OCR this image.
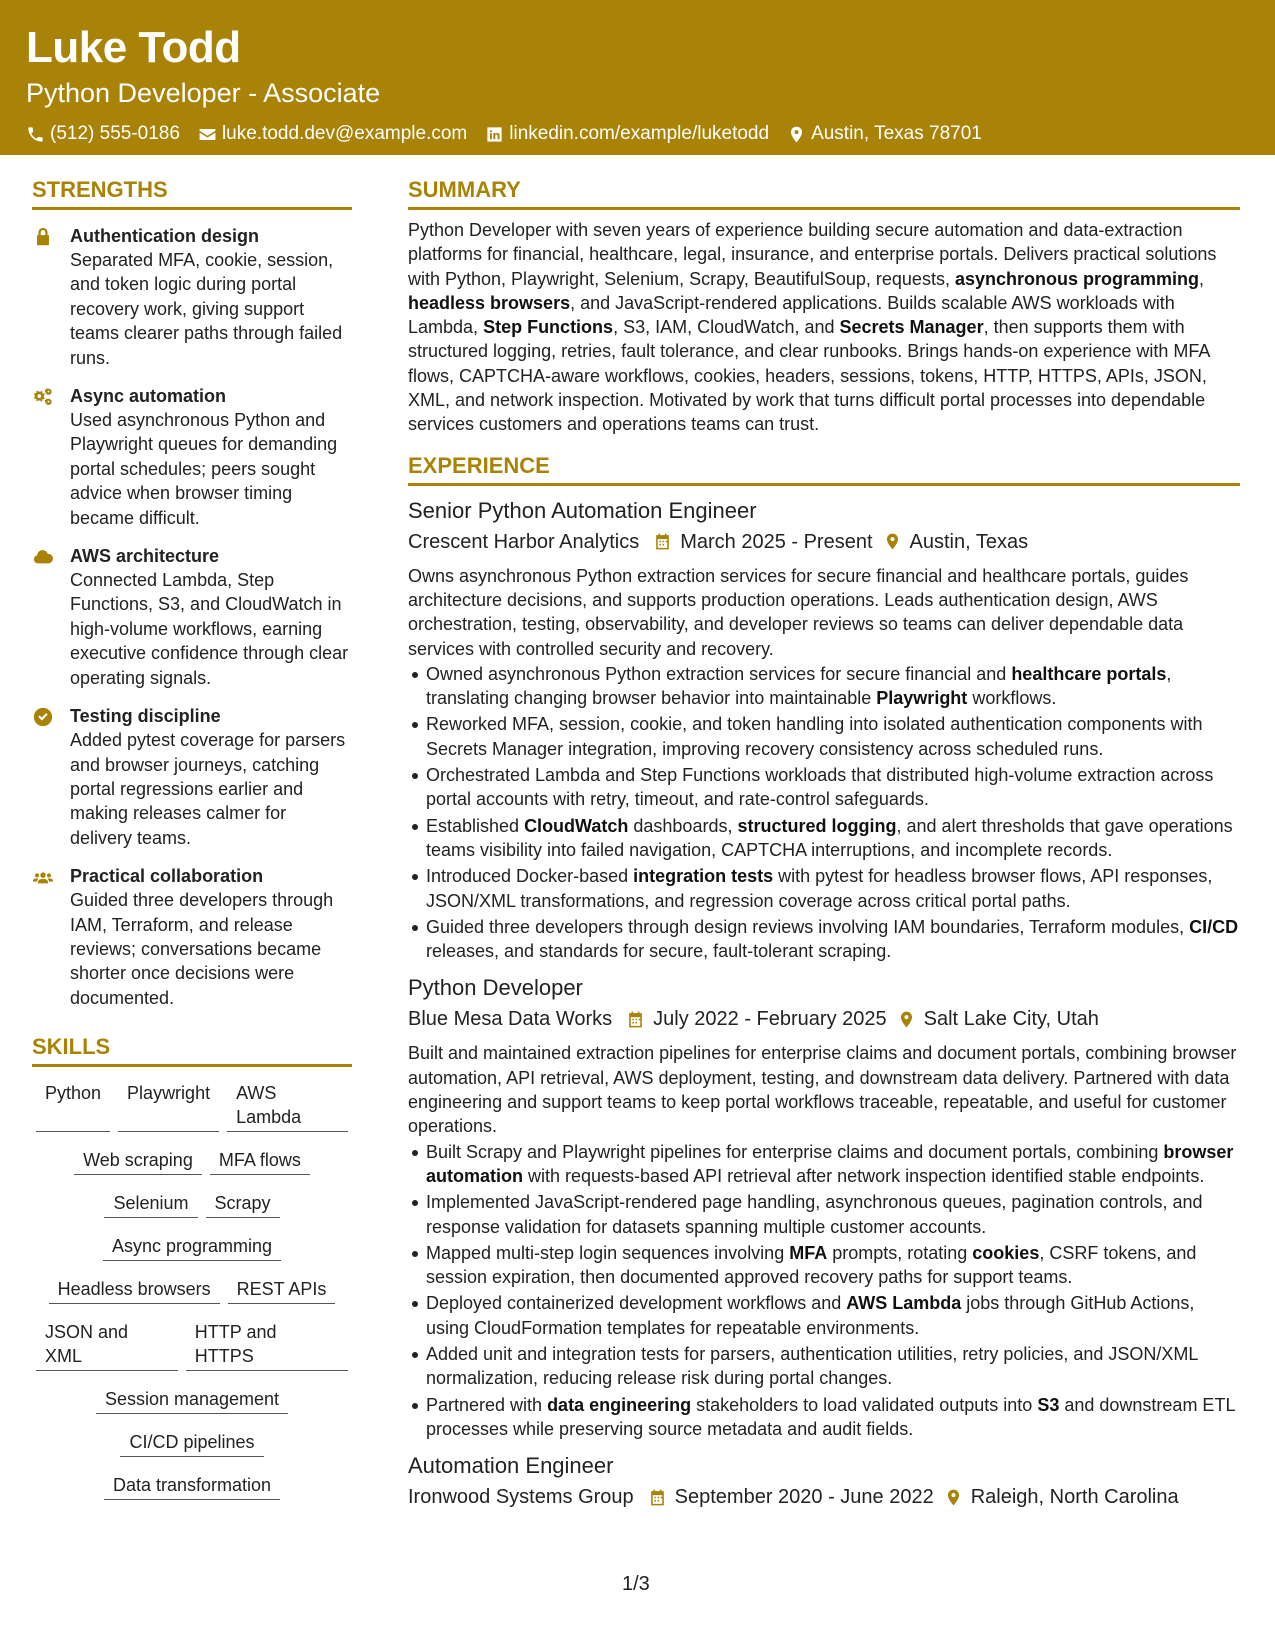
Luke Todd
Python Developer - Associate
(512) 555-0186 luke.todd.dev@example.com linkedin.com/example/luketodd Austin, Texas 78701
STRENGTHS
Authentication design
Separated MFA, cookie, session, and token logic during portal recovery work, giving support teams clearer paths through failed runs.
Async automation
Used asynchronous Python and Playwright queues for demanding portal schedules; peers sought advice when browser timing became difficult.
AWS architecture
Connected Lambda, Step Functions, S3, and CloudWatch in high-volume workflows, earning executive confidence through clear operating signals.
Testing discipline
Added pytest coverage for parsers and browser journeys, catching portal regressions earlier and making releases calmer for delivery teams.
Practical collaboration
Guided three developers through IAM, Terraform, and release reviews; conversations became shorter once decisions were documented.
SKILLS
Python	Playwright	AWS Lambda
Web scraping	MFA flows
Selenium	Scrapy
Async programming
Headless browsers	REST APIs
JSON and XML
HTTP and HTTPS
Session management
CI/CD pipelines
Data transformation
SUMMARY
Python Developer with seven years of experience building secure automation and data-extraction platforms for financial, healthcare, legal, insurance, and enterprise portals. Delivers practical solutions with Python, Playwright, Selenium, Scrapy, BeautifulSoup, requests, asynchronous programming, headless browsers, and JavaScript-rendered applications. Builds scalable AWS workloads with Lambda, Step Functions, S3, IAM, CloudWatch, and Secrets Manager, then supports them with structured logging, retries, fault tolerance, and clear runbooks. Brings hands-on experience with MFA flows, CAPTCHA-aware workflows, cookies, headers, sessions, tokens, HTTP, HTTPS, APIs, JSON, XML, and network inspection. Motivated by work that turns difficult portal processes into dependable services customers and operations teams can trust.
EXPERIENCE
Senior Python Automation Engineer
Crescent Harbor Analytics March 2025 - Present Austin, Texas
Owns asynchronous Python extraction services for secure financial and healthcare portals, guides architecture decisions, and supports production operations. Leads authentication design, AWS orchestration, testing, observability, and developer reviews so teams can deliver dependable data services with controlled security and recovery.
Owned asynchronous Python extraction services for secure financial and healthcare portals, translating changing browser behavior into maintainable Playwright workflows.
Reworked MFA, session, cookie, and token handling into isolated authentication components with Secrets Manager integration, improving recovery consistency across scheduled runs.
Orchestrated Lambda and Step Functions workloads that distributed high-volume extraction across portal accounts with retry, timeout, and rate-control safeguards.
Established CloudWatch dashboards, structured logging, and alert thresholds that gave operations teams visibility into failed navigation, CAPTCHA interruptions, and incomplete records.
Introduced Docker-based integration tests with pytest for headless browser flows, API responses, JSON/XML transformations, and regression coverage across critical portal paths.
Guided three developers through design reviews involving IAM boundaries, Terraform modules, CI/CD releases, and standards for secure, fault-tolerant scraping.
Python Developer
Blue Mesa Data Works July 2022 - February 2025 Salt Lake City, Utah
Built and maintained extraction pipelines for enterprise claims and document portals, combining browser automation, API retrieval, AWS deployment, testing, and downstream data delivery. Partnered with data engineering and support teams to keep portal workflows traceable, repeatable, and useful for customer operations.
Built Scrapy and Playwright pipelines for enterprise claims and document portals, combining browser automation with requests-based API retrieval after network inspection identified stable endpoints.
Implemented JavaScript-rendered page handling, asynchronous queues, pagination controls, and response validation for datasets spanning multiple customer accounts.
Mapped multi-step login sequences involving MFA prompts, rotating cookies, CSRF tokens, and session expiration, then documented approved recovery paths for support teams.
Deployed containerized development workflows and AWS Lambda jobs through GitHub Actions, using CloudFormation templates for repeatable environments.
Added unit and integration tests for parsers, authentication utilities, retry policies, and JSON/XML normalization, reducing release risk during portal changes.
Partnered with data engineering stakeholders to load validated outputs into S3 and downstream ETL processes while preserving source metadata and audit fields.
Automation Engineer
Ironwood Systems Group September 2020 - June 2022 Raleigh, North Carolina
1/3
